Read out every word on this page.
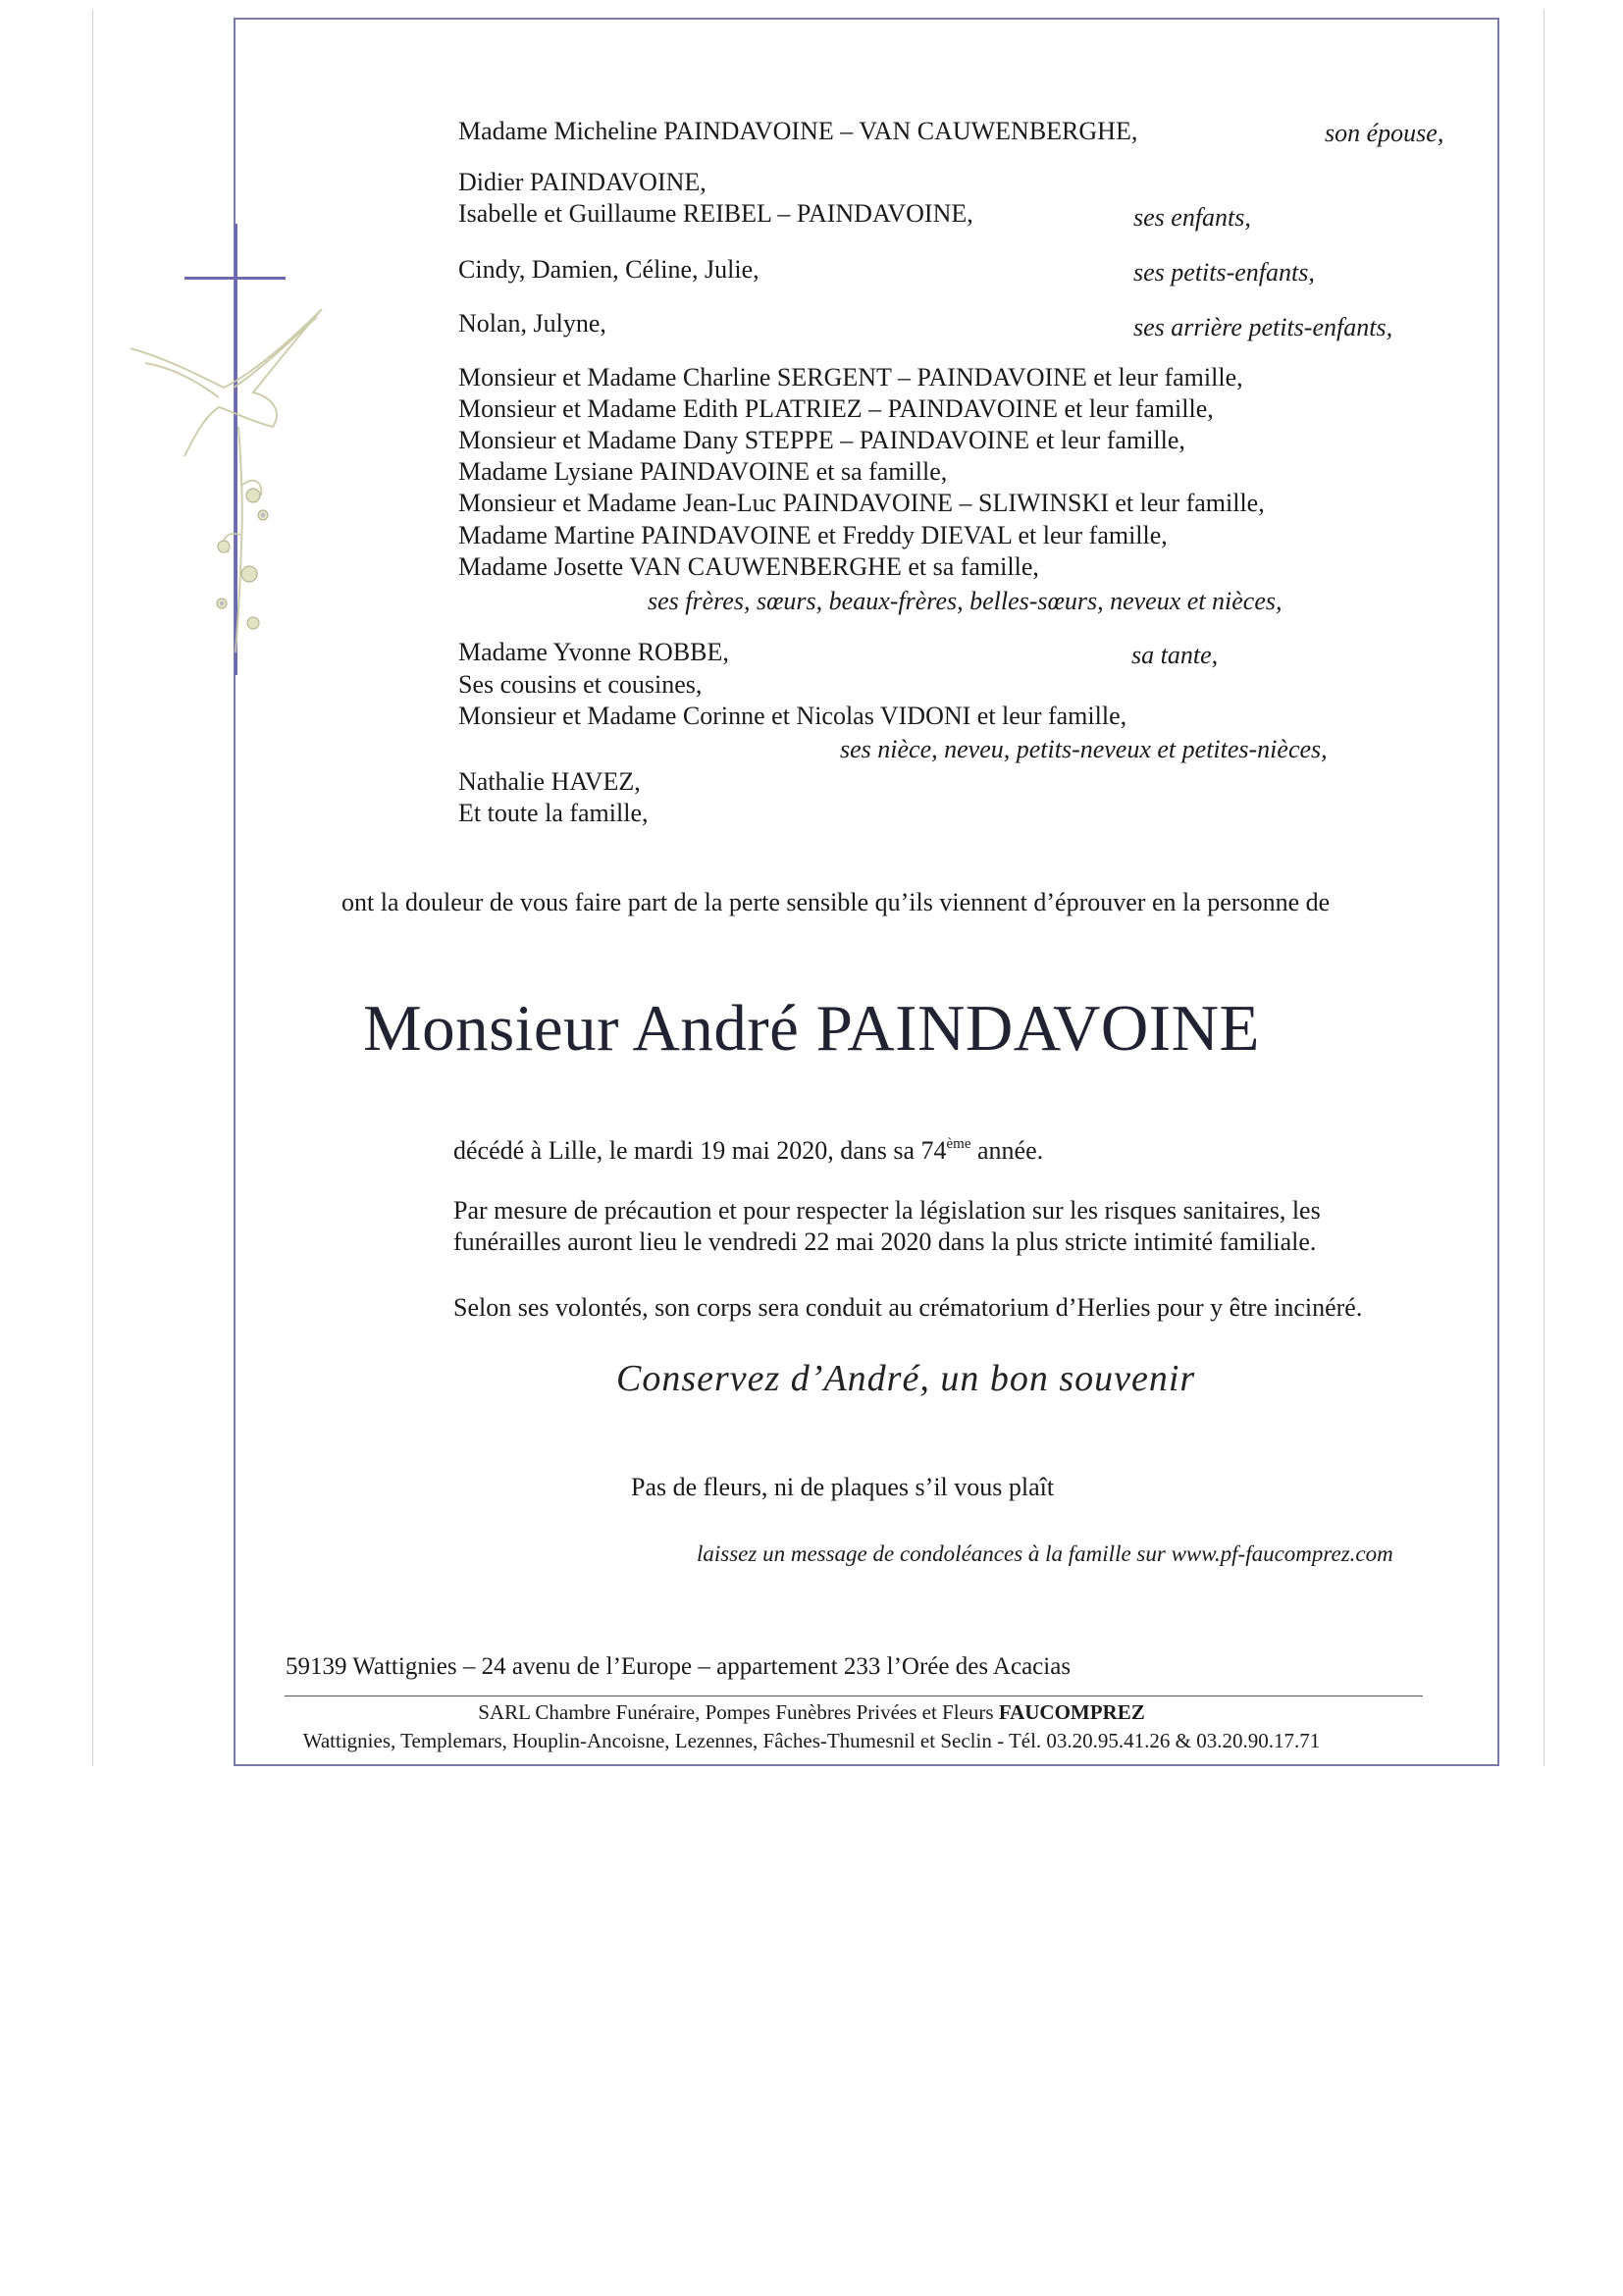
Madame Micheline PAINDAVOINE – VAN CAUWENBERGHE,	son épouse,
Didier PAINDAVOINE,
Isabelle et Guillaume REIBEL – PAINDAVOINE,	ses enfants,
Cindy, Damien, Céline, Julie,	ses petits-enfants,
Nolan, Julyne,	ses arrière petits-enfants,
Monsieur et Madame Charline SERGENT – PAINDAVOINE et leur famille,
Monsieur et Madame Edith PLATRIEZ – PAINDAVOINE et leur famille,
Monsieur et Madame Dany STEPPE – PAINDAVOINE et leur famille,
Madame Lysiane PAINDAVOINE et sa famille,
Monsieur et Madame Jean-Luc PAINDAVOINE – SLIWINSKI et leur famille,
Madame Martine PAINDAVOINE et Freddy DIEVAL et leur famille,
Madame Josette VAN CAUWENBERGHE et sa famille,
ses frères, sœurs, beaux-frères, belles-sœurs, neveux et nièces,
Madame Yvonne ROBBE,	sa tante,
Ses cousins et cousines,
Monsieur et Madame Corinne et Nicolas VIDONI et leur famille,
ses nièce, neveu, petits-neveux et petites-nièces,
Nathalie HAVEZ,
Et toute la famille,
ont la douleur de vous faire part de la perte sensible qu’ils viennent d’éprouver en la personne de
Monsieur André PAINDAVOINE
décédé à Lille, le mardi 19 mai 2020, dans sa 74ème année.
Par mesure de précaution et pour respecter la législation sur les risques sanitaires, les
funérailles auront lieu le vendredi 22 mai 2020 dans la plus stricte intimité familiale.
Selon ses volontés, son corps sera conduit au crématorium d’Herlies pour y être incinéré.
Conservez d’André, un bon souvenir
Pas de fleurs, ni de plaques s’il vous plaît
laissez un message de condoléances à la famille sur www.pf-faucomprez.com
59139 Wattignies – 24 avenu de l’Europe – appartement 233 l’Orée des Acacias
SARL Chambre Funéraire, Pompes Funèbres Privées et Fleurs FAUCOMPREZ
Wattignies, Templemars, Houplin-Ancoisne, Lezennes, Fâches-Thumesnil et Seclin - Tél. 03.20.95.41.26 & 03.20.90.17.71
